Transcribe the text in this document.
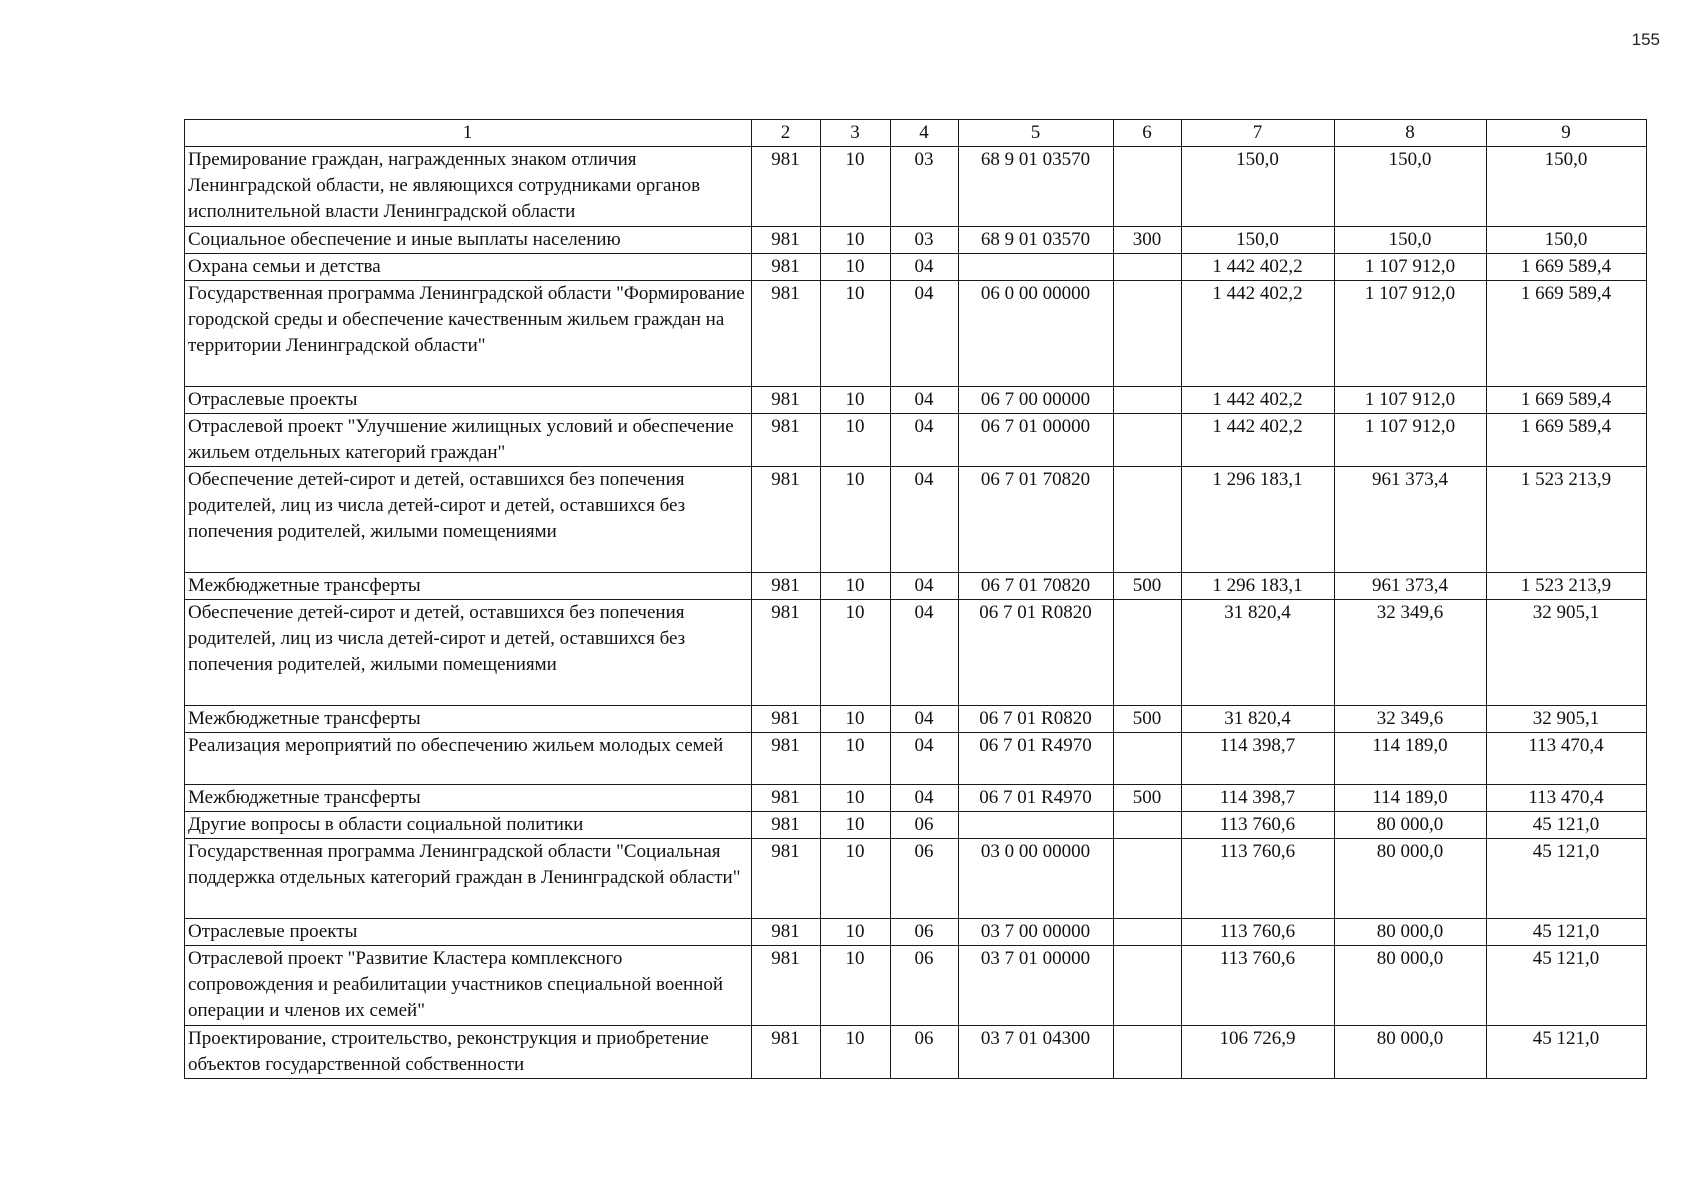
155
1	2	3	4	5	6	7	8	9
Премирование граждан, награжденных знаком отличия Ленинградской области, не являющихся сотрудниками органов исполнительной власти Ленинградской области	981	10	03	68 9 01 03570		150,0	150,0	150,0
Социальное обеспечение и иные выплаты населению	981	10	03	68 9 01 03570	300	150,0	150,0	150,0
Охрана семьи и детства	981	10	04			1 442 402,2	1 107 912,0	1 669 589,4
Государственная программа Ленинградской области "Формирование городской среды и обеспечение качественным жильем граждан на территории Ленинградской области"	981	10	04	06 0 00 00000		1 442 402,2	1 107 912,0	1 669 589,4
Отраслевые проекты	981	10	04	06 7 00 00000		1 442 402,2	1 107 912,0	1 669 589,4
Отраслевой проект "Улучшение жилищных условий и обеспечение жильем отдельных категорий граждан"	981	10	04	06 7 01 00000		1 442 402,2	1 107 912,0	1 669 589,4
Обеспечение детей-сирот и детей, оставшихся без попечения родителей, лиц из числа детей-сирот и детей, оставшихся без попечения родителей, жилыми помещениями	981	10	04	06 7 01 70820		1 296 183,1	961 373,4	1 523 213,9
Межбюджетные трансферты	981	10	04	06 7 01 70820	500	1 296 183,1	961 373,4	1 523 213,9
Обеспечение детей-сирот и детей, оставшихся без попечения родителей, лиц из числа детей-сирот и детей, оставшихся без попечения родителей, жилыми помещениями	981	10	04	06 7 01 R0820		31 820,4	32 349,6	32 905,1
Межбюджетные трансферты	981	10	04	06 7 01 R0820	500	31 820,4	32 349,6	32 905,1
Реализация мероприятий по обеспечению жильем молодых семей	981	10	04	06 7 01 R4970		114 398,7	114 189,0	113 470,4
Межбюджетные трансферты	981	10	04	06 7 01 R4970	500	114 398,7	114 189,0	113 470,4
Другие вопросы в области социальной политики	981	10	06			113 760,6	80 000,0	45 121,0
Государственная программа Ленинградской области "Социальная поддержка отдельных категорий граждан в Ленинградской области"	981	10	06	03 0 00 00000		113 760,6	80 000,0	45 121,0
Отраслевые проекты	981	10	06	03 7 00 00000		113 760,6	80 000,0	45 121,0
Отраслевой проект "Развитие Кластера комплексного сопровождения и реабилитации участников специальной военной операции и членов их семей"	981	10	06	03 7 01 00000		113 760,6	80 000,0	45 121,0
Проектирование, строительство, реконструкция и приобретение объектов государственной собственности	981	10	06	03 7 01 04300		106 726,9	80 000,0	45 121,0
